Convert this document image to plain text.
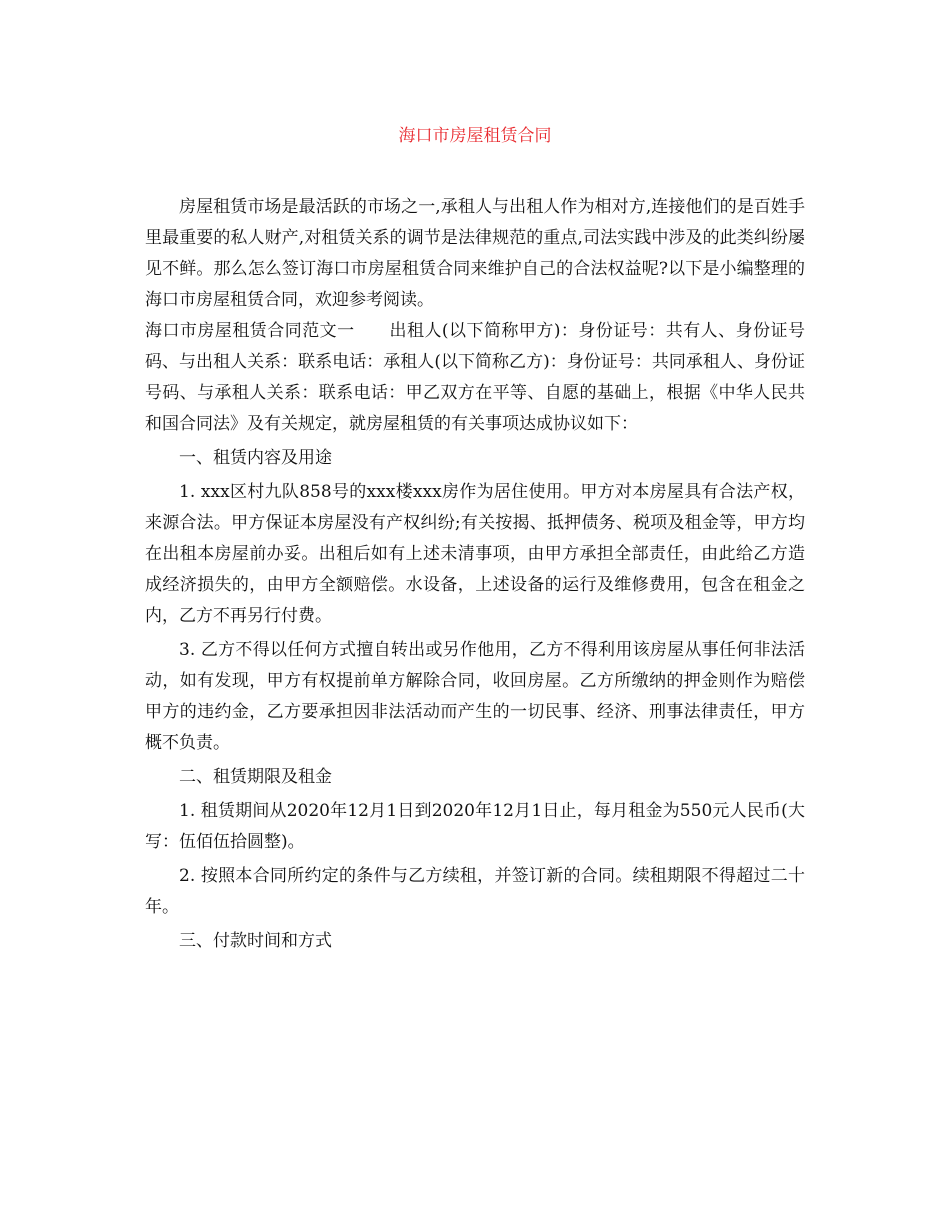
海口市房屋租赁合同

房屋租赁市场是最活跃的市场之一,承租人与出租人作为相对方,连接他们的是百姓手里最重要的私人财产,对租赁关系的调节是法律规范的重点,司法实践中涉及的此类纠纷屡见不鲜。那么怎么签订海口市房屋租赁合同来维护自己的合法权益呢?以下是小编整理的海口市房屋租赁合同，欢迎参考阅读。

海口市房屋租赁合同范文一　　出租人(以下简称甲方)：身份证号：共有人、身份证号码、与出租人关系：联系电话：承租人(以下简称乙方)：身份证号：共同承租人、身份证号码、与承租人关系：联系电话：甲乙双方在平等、自愿的基础上，根据《中华人民共和国合同法》及有关规定，就房屋租赁的有关事项达成协议如下：

一、租赁内容及用途

1. xxx区村九队858号的xxx楼xxx房作为居住使用。甲方对本房屋具有合法产权，来源合法。甲方保证本房屋没有产权纠纷;有关按揭、抵押债务、税项及租金等，甲方均在出租本房屋前办妥。出租后如有上述未清事项，由甲方承担全部责任，由此给乙方造成经济损失的，由甲方全额赔偿。水设备，上述设备的运行及维修费用，包含在租金之内，乙方不再另行付费。

3. 乙方不得以任何方式擅自转出或另作他用，乙方不得利用该房屋从事任何非法活动，如有发现，甲方有权提前单方解除合同，收回房屋。乙方所缴纳的押金则作为赔偿甲方的违约金，乙方要承担因非法活动而产生的一切民事、经济、刑事法律责任，甲方概不负责。

二、租赁期限及租金

1. 租赁期间从2020年12月1日到2020年12月1日止，每月租金为550元人民币(大写：伍佰伍拾圆整)。

2. 按照本合同所约定的条件与乙方续租，并签订新的合同。续租期限不得超过二十年。

三、付款时间和方式
